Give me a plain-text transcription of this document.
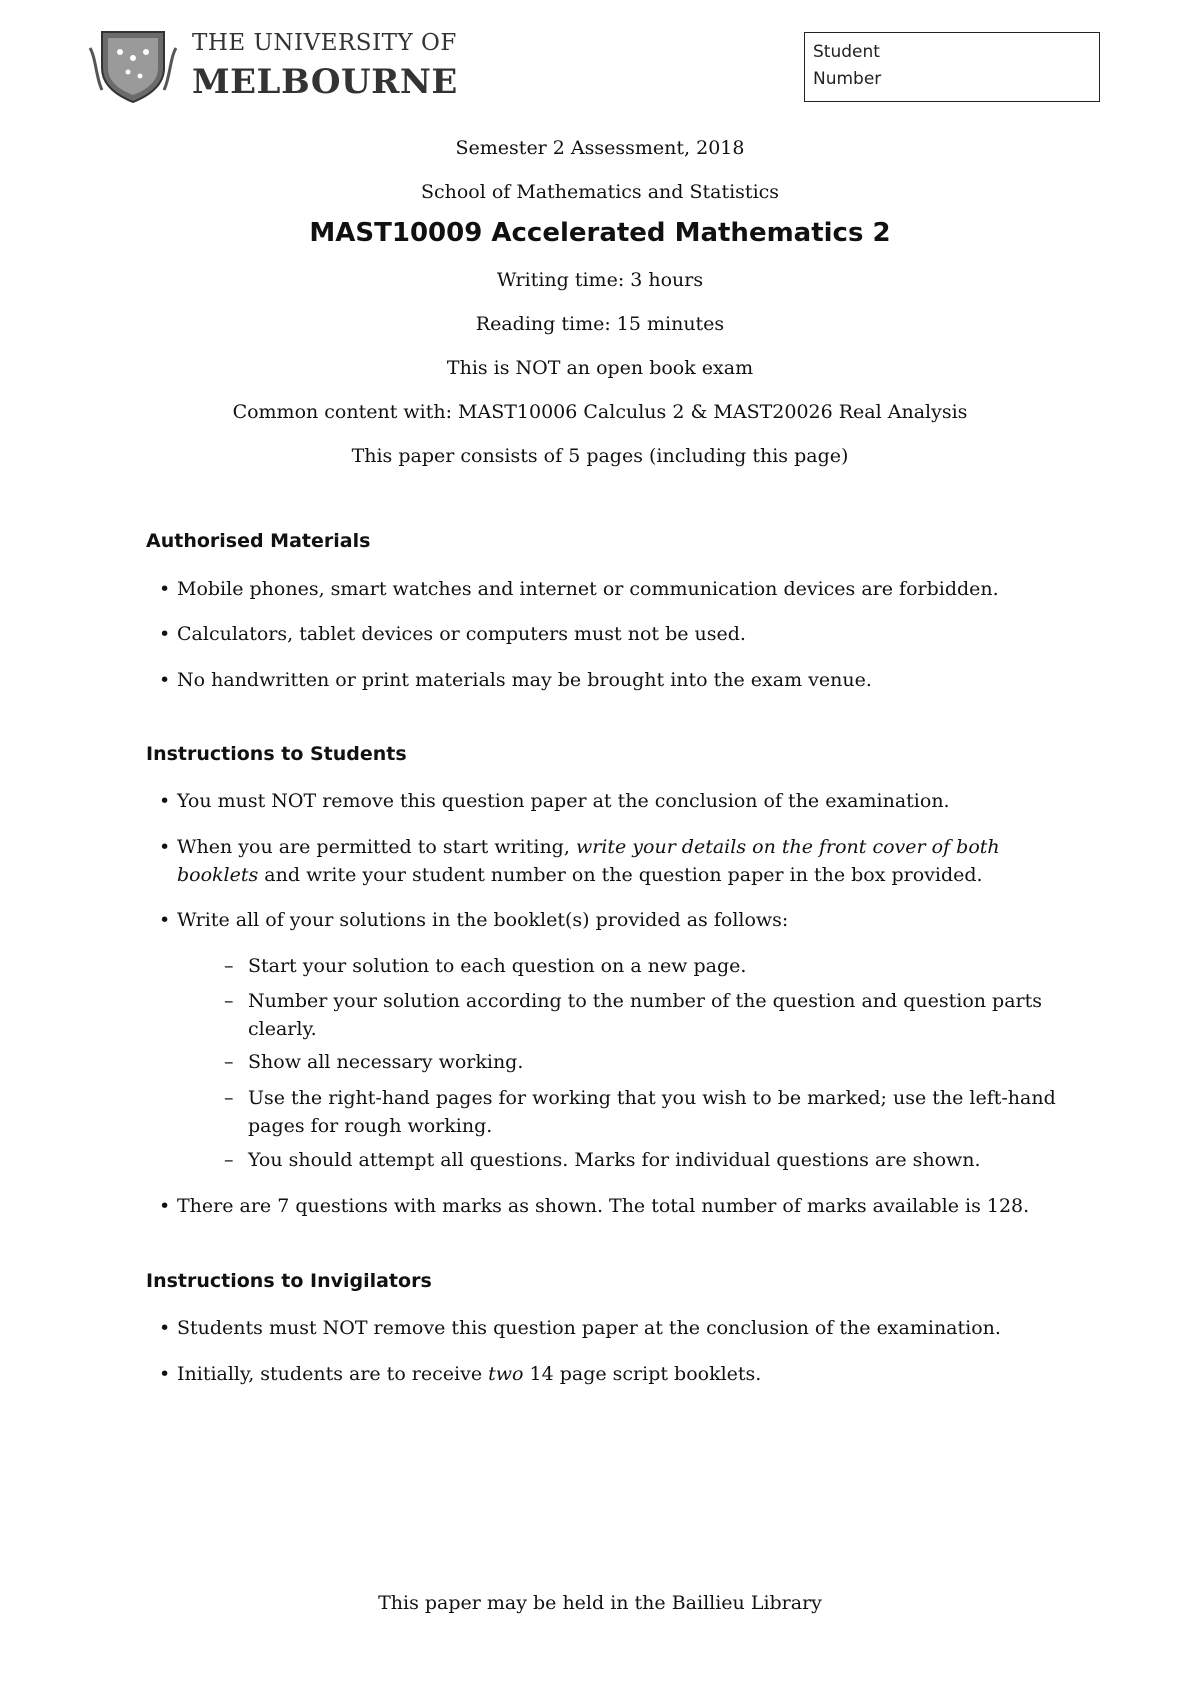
THE UNIVERSITY OF
MELBOURNE
Student
Number
Semester 2 Assessment, 2018
School of Mathematics and Statistics
MAST10009 Accelerated Mathematics 2
Writing time: 3 hours
Reading time: 15 minutes
This is NOT an open book exam
Common content with: MAST10006 Calculus 2 & MAST20026 Real Analysis
This paper consists of 5 pages (including this page)
Authorised Materials
• Mobile phones, smart watches and internet or communication devices are forbidden.
• Calculators, tablet devices or computers must not be used.
• No handwritten or print materials may be brought into the exam venue.
Instructions to Students
• You must NOT remove this question paper at the conclusion of the examination.
• When you are permitted to start writing, write your details on the front cover of both booklets and write your student number on the question paper in the box provided.
• Write all of your solutions in the booklet(s) provided as follows:
– Start your solution to each question on a new page.
– Number your solution according to the number of the question and question parts clearly.
– Show all necessary working.
– Use the right-hand pages for working that you wish to be marked; use the left-hand pages for rough working.
– You should attempt all questions. Marks for individual questions are shown.
• There are 7 questions with marks as shown. The total number of marks available is 128.
Instructions to Invigilators
• Students must NOT remove this question paper at the conclusion of the examination.
• Initially, students are to receive two 14 page script booklets.
This paper may be held in the Baillieu Library
